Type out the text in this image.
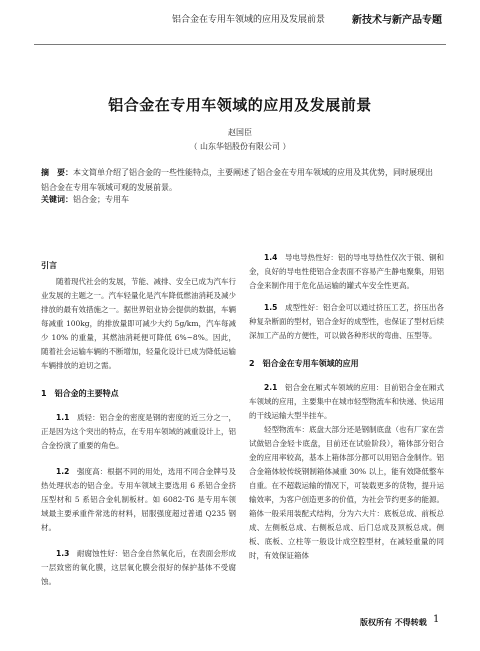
铝合金在专用车领域的应用及发展前景	新技术与新产品专题
铝合金在专用车领域的应用及发展前景
赵国臣
（ 山东华铝股份有限公司 ）
摘　要：本文简单介绍了铝合金的一些性能特点，主要阐述了铝合金在专用车领域的应用及其优势，同时展现出铝合金在专用车领域可观的发展前景。
关键词：铝合金；专用车
引言

随着现代社会的发展，节能、减排、安全已成为汽车行业发展的主题之一。汽车轻量化是汽车降低燃油消耗及减少排放的最有效措施之一。据世界铝业协会提供的数据，车辆每减重 100kg，的排放量即可减少大约 5g/km，汽车每减少 10% 的重量，其燃油消耗便可降低 6%~8%。因此，随着社会运输车辆的不断增加，轻量化设计已成为降低运输车辆排放的迫切之需。

1　铝合金的主要特点

1.1　 质轻：铝合金的密度是钢的密度的近三分之一，正是因为这个突出的特点，在专用车领域的减重设计上，铝合金扮演了重要的角色。

1.2　 强度高：根据不同的用处，选用不同合金牌号及热处理状态的铝合金。专用车领域主要选用 6 系铝合金挤压型材和 5 系铝合金轧制板材。如 6082-T6 是专用车领域最主要承重件常选的材料，屈服强度超过普通 Q235 钢材。

1.3　 耐腐蚀性好：铝合金自然氧化后，在表面会形成一层致密的氧化膜，这层氧化膜会很好的保护基体不受腐蚀。

1.4　 导电导热性好：铝的导电导热性仅次于银、铜和金，良好的导电性使铝合金表面不容易产生静电聚集，用铝合金来制作用于危化品运输的罐式车安全性更高。

1.5　 成型性好：铝合金可以通过挤压工艺，挤压出各种复杂断面的型材，铝合金好的成型性，也保证了型材后续深加工产品的方便性，可以做各种形状的弯曲、压型等。

2　铝合金在专用车领域的应用

2.1　 铝合金在厢式车领域的应用：目前铝合金在厢式车领域的应用，主要集中在城市轻型物流车和快递、快运用的干线运输大型半挂车。

轻型物流车：底盘大部分还是钢制底盘（也有厂家在尝试做铝合金轻卡底盘，目前还在试验阶段），箱体部分铝合金的应用率较高，基本上箱体部分都可以用铝合金制作。铝合金箱体较传统钢制箱体减重 30% 以上，能有效降低整车自重。在不超载运输的情况下，可装载更多的货物，提升运输效率，为客户创造更多的价值，为社会节约更多的能源。箱体一般采用装配式结构，分为六大片：底板总成、前板总成、左侧板总成、右侧板总成、后门总成及顶板总成。侧板、底板、立柱等一般设计成空腔型材，在减轻重量的同时，有效保证箱体

版权所有 不得转载 1
